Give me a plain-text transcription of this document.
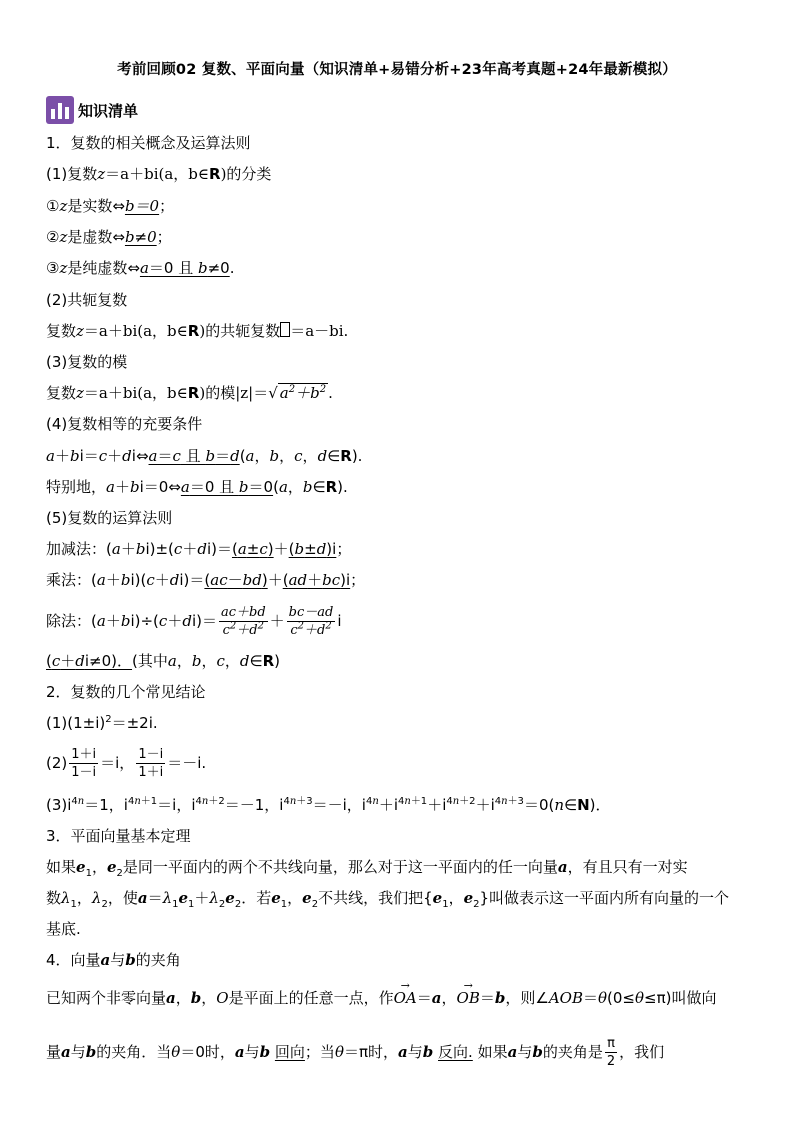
考前回顾02 复数、平面向量（知识清单+易错分析+23年高考真题+24年最新模拟）
知识清单
1．复数的相关概念及运算法则
(1)复数z＝a＋bi(a，b∈R)的分类
①z是实数⇔b＝0；
②z是虚数⇔b≠0；
③z是纯虚数⇔a＝0 且 b≠0.
(2)共轭复数
复数z＝a＋bi(a，b∈R)的共轭复数 ＝a－bi.
(3)复数的模
复数z＝a＋bi(a，b∈R)的模|z|＝√ $a^2+b^2$ .
(4)复数相等的充要条件
a＋bi＝c＋di⇔a＝c 且 b＝d(a，b，c，d∈R).
特别地，a＋bi＝0⇔a＝0 且 b＝0(a，b∈R).
(5)复数的运算法则
加减法：(a＋bi)±(c＋di)＝(a±c)＋(b±d)i；
乘法：(a＋bi)(c＋di)＝(ac－bd)＋(ad＋bc)i；
除法：$(a+bi)\div(c+di)= \frac{ac+bd}{c^2+d^2} + \frac{bc-ad}{c^2+d^2}$ i
(c＋di≠0)．(其中a，b，c，d∈R)
2．复数的几个常见结论
$(1)(1\pm i)^2=\pm 2i$.
$(2) \frac{1+i}{1-i} =i$， $\frac{1-i}{1+i} =-i$.
$(3)i^{4n}=1$，$i^{4n+1}=i$，$i^{4n+2}=-1$，$i^{4n+3}=-i$，$i^{4n}+i^{4n+1}+i^{4n+2}+i^{4n+3}=0(n\in N)$．
3．平面向量基本定理
如果$e_1$，$e_2$是同一平面内的两个不共线向量，那么对于这一平面内的任一向量a，有且只有一对实
数$\lambda_1$，$\lambda_2$，使$a=\lambda_1e_1+\lambda_2e_2$．若$e_1$，$e_2$不共线，我们把{$e_1$，$e_2$}叫做表示这一平面内所有向量的一个
基底.
4．向量a与b的夹角
已知两个非零向量a，b，O是平面上的任意一点，作→ OA＝a，→ OB＝b，则∠AOB＝θ(0≤θ≤π)叫做向
量a与b的夹角．当θ＝0时，a与b 回向；当θ＝π时，a与b 反向. 如果a与b的夹角是 $\frac{\pi}{2}$ ，我们
